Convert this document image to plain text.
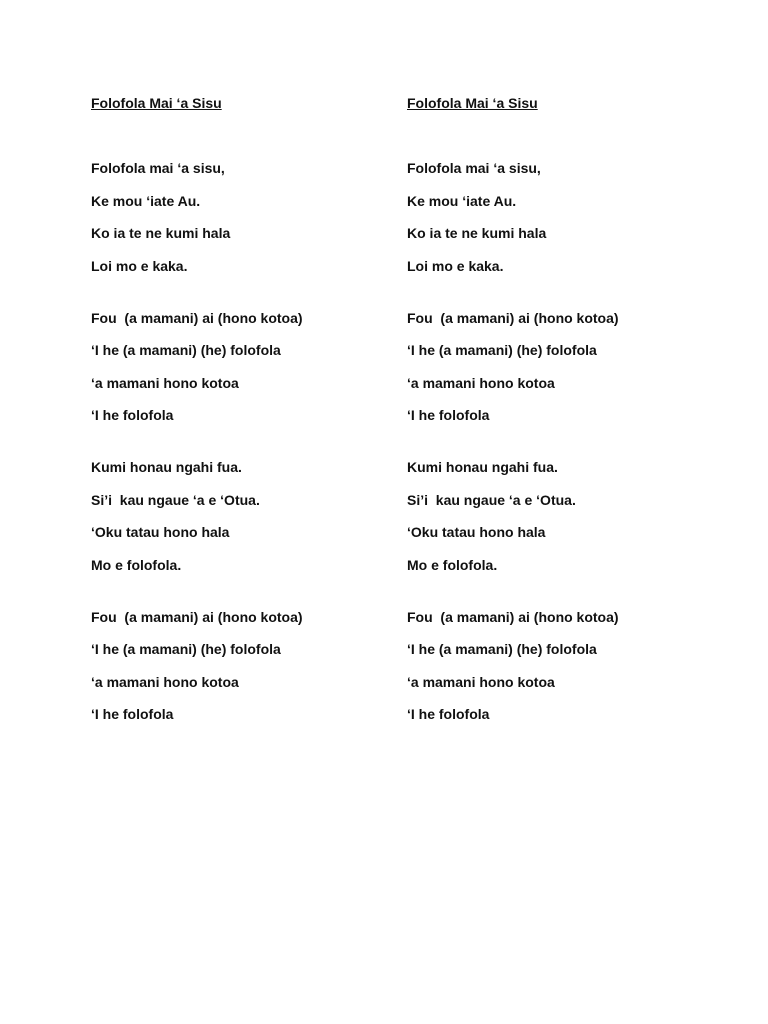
Folofola Mai ‘a Sisu
Folofola mai ‘a sisu,
Ke mou ‘iate Au.
Ko ia te ne kumi hala
Loi mo e kaka.
Fou  (a mamani) ai (hono kotoa)
‘I he (a mamani) (he) folofola
‘a mamani hono kotoa
‘I he folofola
Kumi honau ngahi fua.
Si’i  kau ngaue ‘a e ‘Otua.
‘Oku tatau hono hala
Mo e folofola.
Fou  (a mamani) ai (hono kotoa)
‘I he (a mamani) (he) folofola
‘a mamani hono kotoa
‘I he folofola
Folofola Mai ‘a Sisu
Folofola mai ‘a sisu,
Ke mou ‘iate Au.
Ko ia te ne kumi hala
Loi mo e kaka.
Fou  (a mamani) ai (hono kotoa)
‘I he (a mamani) (he) folofola
‘a mamani hono kotoa
‘I he folofola
Kumi honau ngahi fua.
Si’i  kau ngaue ‘a e ‘Otua.
‘Oku tatau hono hala
Mo e folofola.
Fou  (a mamani) ai (hono kotoa)
‘I he (a mamani) (he) folofola
‘a mamani hono kotoa
‘I he folofola
